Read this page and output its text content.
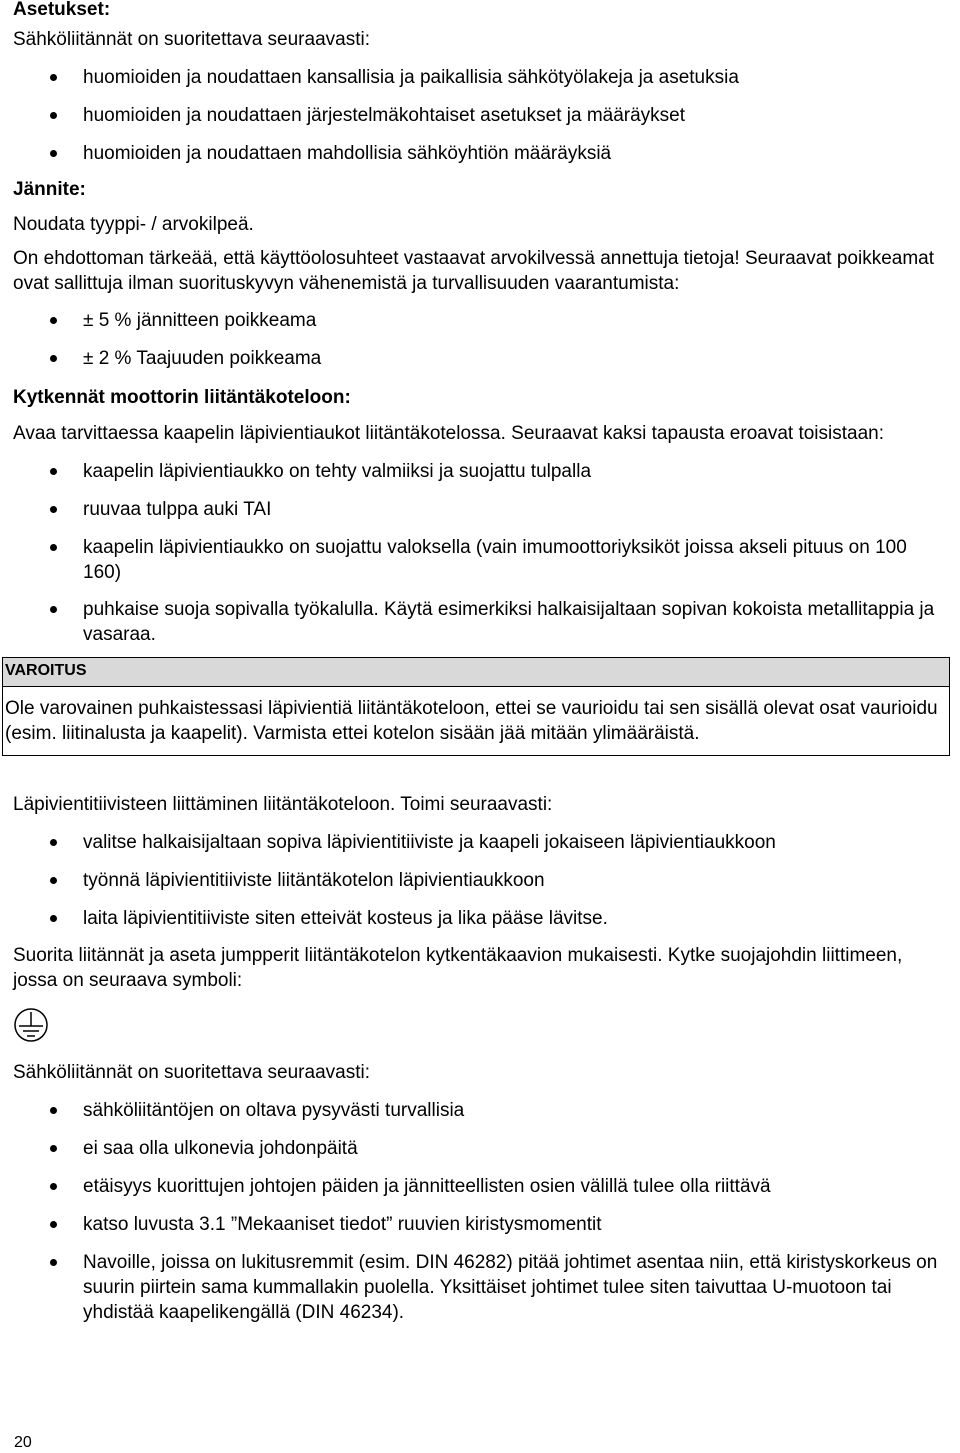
Asetukset:

Sähköliitännät on suoritettava seuraavasti:

huomioiden ja noudattaen kansallisia ja paikallisia sähkötyölakeja ja asetuksia
huomioiden ja noudattaen järjestelmäkohtaiset asetukset ja määräykset
huomioiden ja noudattaen mahdollisia sähköyhtiön määräyksiä

Jännite:

Noudata tyyppi- / arvokilpeä.

On ehdottoman tärkeää, että käyttöolosuhteet vastaavat arvokilvessä annettuja tietoja! Seuraavat poikkeamat ovat sallittuja ilman suorituskyvyn vähenemistä ja turvallisuuden vaarantumista:

± 5 % jännitteen poikkeama
± 2 % Taajuuden poikkeama

Kytkennät moottorin liitäntäkoteloon:

Avaa tarvittaessa kaapelin läpivientiaukot liitäntäkotelossa. Seuraavat kaksi tapausta eroavat toisistaan:

kaapelin läpivientiaukko on tehty valmiiksi ja suojattu tulpalla
ruuvaa tulppa auki TAI
kaapelin läpivientiaukko on suojattu valoksella (vain imumoottoriyksiköt joissa akseli pituus on 100 160)
puhkaise suoja sopivalla työkalulla. Käytä esimerkiksi halkaisijaltaan sopivan kokoista metallitappia ja vasaraa.
VAROITUS
Ole varovainen puhkaistessasi läpivientiä liitäntäkoteloon, ettei se vaurioidu tai sen sisällä olevat osat vaurioidu (esim. liitinalusta ja kaapelit). Varmista ettei kotelon sisään jää mitään ylimääräistä.

Läpivientitiivisteen liittäminen liitäntäkoteloon. Toimi seuraavasti:

valitse halkaisijaltaan sopiva läpivientitiiviste ja kaapeli jokaiseen läpivientiaukkoon
työnnä läpivientitiiviste liitäntäkotelon läpivientiaukkoon
laita läpivientitiiviste siten etteivät kosteus ja lika pääse lävitse.

Suorita liitännät ja aseta jumpperit liitäntäkotelon kytkentäkaavion mukaisesti. Kytke suojajohdin liittimeen, jossa on seuraava symboli:

Sähköliitännät on suoritettava seuraavasti:

sähköliitäntöjen on oltava pysyvästi turvallisia
ei saa olla ulkonevia johdonpäitä
etäisyys kuorittujen johtojen päiden ja jännitteellisten osien välillä tulee olla riittävä
katso luvusta 3.1 ”Mekaaniset tiedot” ruuvien kiristysmomentit
Navoille, joissa on lukitusremmit (esim. DIN 46282) pitää johtimet asentaa niin, että kiristyskorkeus on suurin piirtein sama kummallakin puolella. Yksittäiset johtimet tulee siten taivuttaa U-muotoon tai yhdistää kaapelikengällä (DIN 46234).
20
